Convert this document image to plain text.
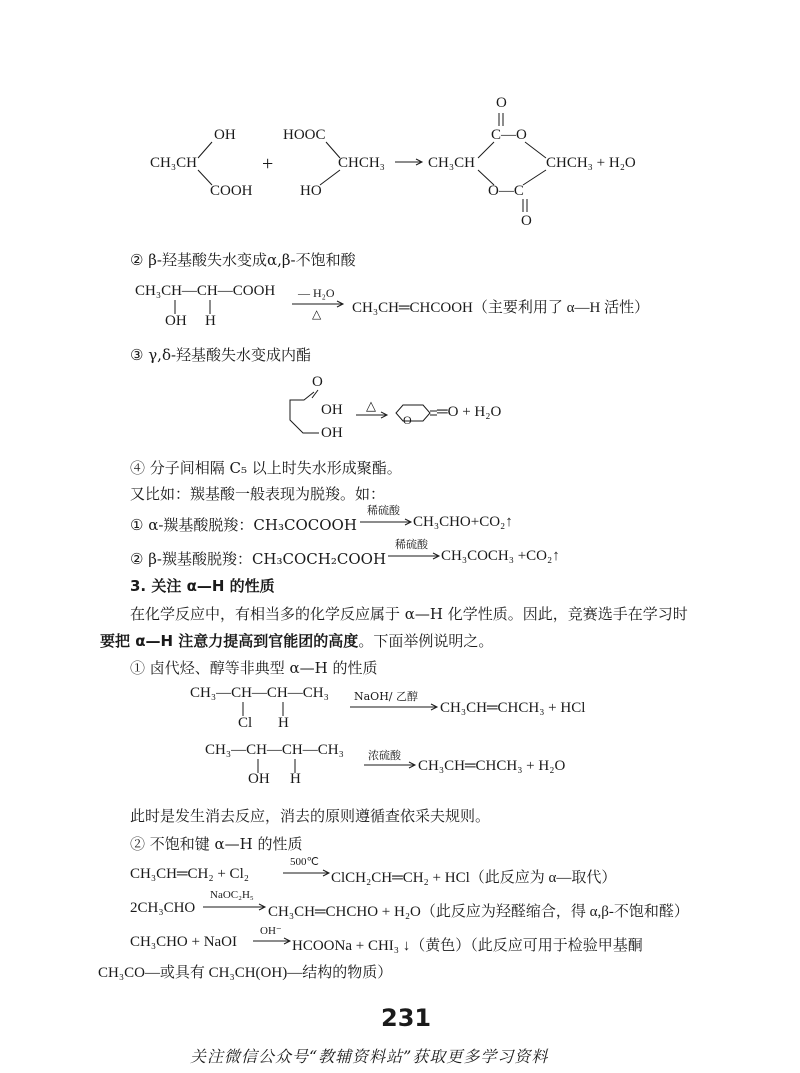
OH
CH₃CH
COOH
+
HOOC
CHCH₃
HO
O
C—O
CH₃CH	CHCH₃ + H₂O
O—C
O
② β-羟基酸失水变成α,β-不饱和酸
CH₃CH—CH—COOH
OH H
— H₂O
△ CH₃CH═CHCOOH（主要利用了 α—H 活性）
③ γ,δ-羟基酸失水变成内酯
O
OH
OH
△	═O + H₂O
O
④ 分子间相隔 C₅ 以上时失水形成聚酯。
又比如：羰基酸一般表现为脱羧。如：
① α-羰基酸脱羧：CH₃COCOOH
稀硫酸
CH₃CHO+CO₂↑
② β-羰基酸脱羧：CH₃COCH₂COOH
稀硫酸
CH₃COCH₃ +CO₂↑
3. 关注 α—H 的性质
在化学反应中，有相当多的化学反应属于 α—H 化学性质。因此，竞赛选手在学习时
要把 α—H 注意力提高到官能团的高度。下面举例说明之。
① 卤代烃、醇等非典型 α—H 的性质
CH₃—CH—CH—CH₃
Cl H
NaOH/ 乙醇
CH₃CH═CHCH₃ + HCl
CH₃—CH—CH—CH₃
OH H
浓硫酸
CH₃CH═CHCH₃ + H₂O
此时是发生消去反应，消去的原则遵循查依采夫规则。
② 不饱和键 α—H 的性质
CH₃CH═CH₂ + Cl₂
500℃
ClCH₂CH═CH₂ + HCl（此反应为 α—取代）
2CH₃CHO
NaOC₂H₅
CH₃CH═CHCHO + H₂O（此反应为羟醛缩合，得 α,β-不饱和醛）
CH₃CHO + NaOI
OH⁻
HCOONa + CHI₃ ↓（黄色）（此反应可用于检验甲基酮
CH₃CO—或具有 CH₃CH(OH)—结构的物质）
231
关注微信公众号“教辅资料站”获取更多学习资料
